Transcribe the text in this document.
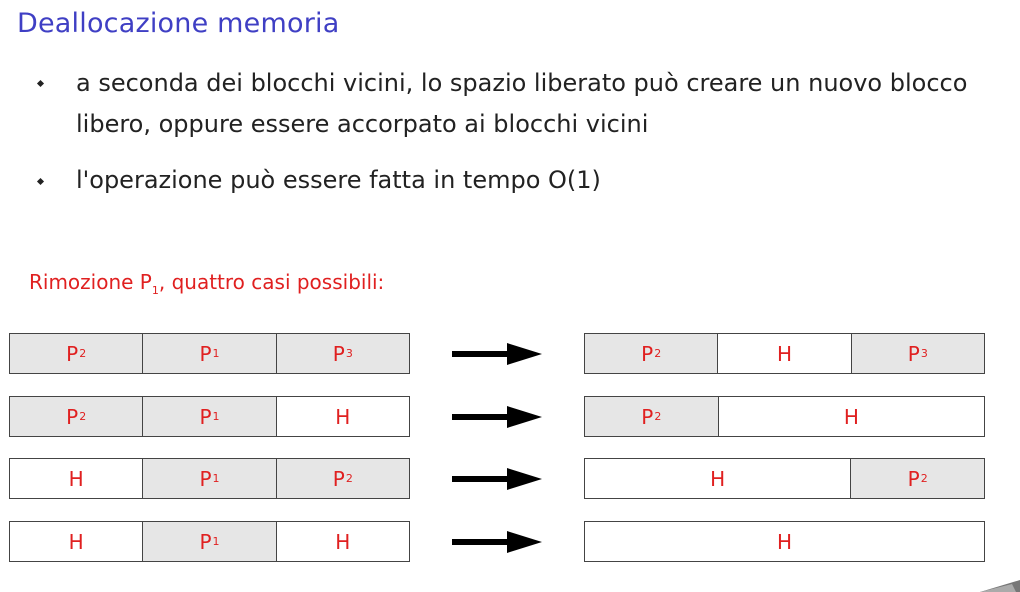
Deallocazione memoria
a seconda dei blocchi vicini, lo spazio liberato può creare un nuovo blocco libero, oppure essere accorpato ai blocchi vicini
l'operazione può essere fatta in tempo O(1)
Rimozione $P_1$, quattro casi possibili:
P 2	P 1	P 3	P 2	H	P 3
P 2	P 1	H	P 2	H
H	P 1	P 2	H	P 2
H	P 1	H	H
